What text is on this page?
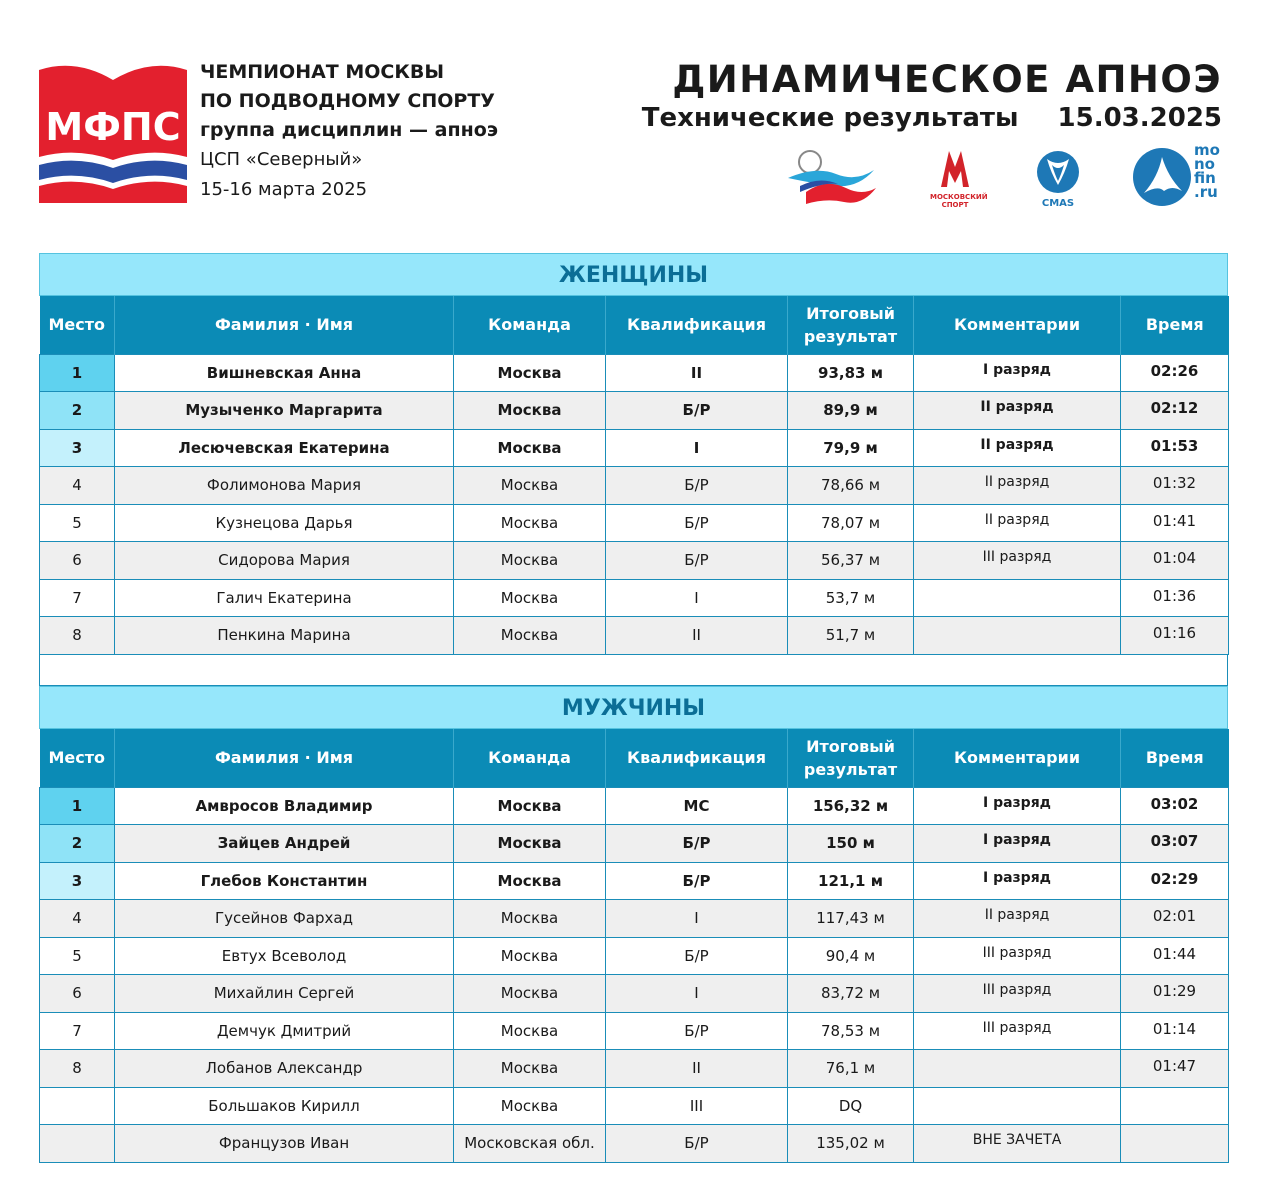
МФПС
ЧЕМПИОНАТ МОСКВЫ
ПО ПОДВОДНОМУ СПОРТУ
группа дисциплин — апноэ
ЦСП «Северный»
15-16 марта 2025
ДИНАМИЧЕСКОЕ АПНОЭ
Технические результаты 15.03.2025
МОСКОВСКИЙ СПОРТ	CMAS
mo
no
fin
.ru
ЖЕНЩИНЫ
Место	Фамилия · Имя	Команда	Квалификация	Итоговый результат	Комментарии	Время
1	Вишневская Анна	Москва	II	93,83 м	I разряд	02:26
2	Музыченко Маргарита	Москва	Б/Р	89,9 м	II разряд	02:12
3	Лесючевская Екатерина	Москва	I	79,9 м	II разряд	01:53
4	Фолимонова Мария	Москва	Б/Р	78,66 м	II разряд	01:32
5	Кузнецова Дарья	Москва	Б/Р	78,07 м	II разряд	01:41
6	Сидорова Мария	Москва	Б/Р	56,37 м	III разряд	01:04
7	Галич Екатерина	Москва	I	53,7 м		01:36
8	Пенкина Марина	Москва	II	51,7 м		01:16
МУЖЧИНЫ
Место	Фамилия · Имя	Команда	Квалификация	Итоговый результат	Комментарии	Время
1	Амвросов Владимир	Москва	МС	156,32 м	I разряд	03:02
2	Зайцев Андрей	Москва	Б/Р	150 м	I разряд	03:07
3	Глебов Константин	Москва	Б/Р	121,1 м	I разряд	02:29
4	Гусейнов Фархад	Москва	I	117,43 м	II разряд	02:01
5	Евтух Всеволод	Москва	Б/Р	90,4 м	III разряд	01:44
6	Михайлин Сергей	Москва	I	83,72 м	III разряд	01:29
7	Демчук Дмитрий	Москва	Б/Р	78,53 м	III разряд	01:14
8	Лобанов Александр	Москва	II	76,1 м		01:47
	Большаков Кирилл	Москва	III	DQ		
	Французов Иван	Московская обл.	Б/Р	135,02 м	ВНЕ ЗАЧЕТА	
